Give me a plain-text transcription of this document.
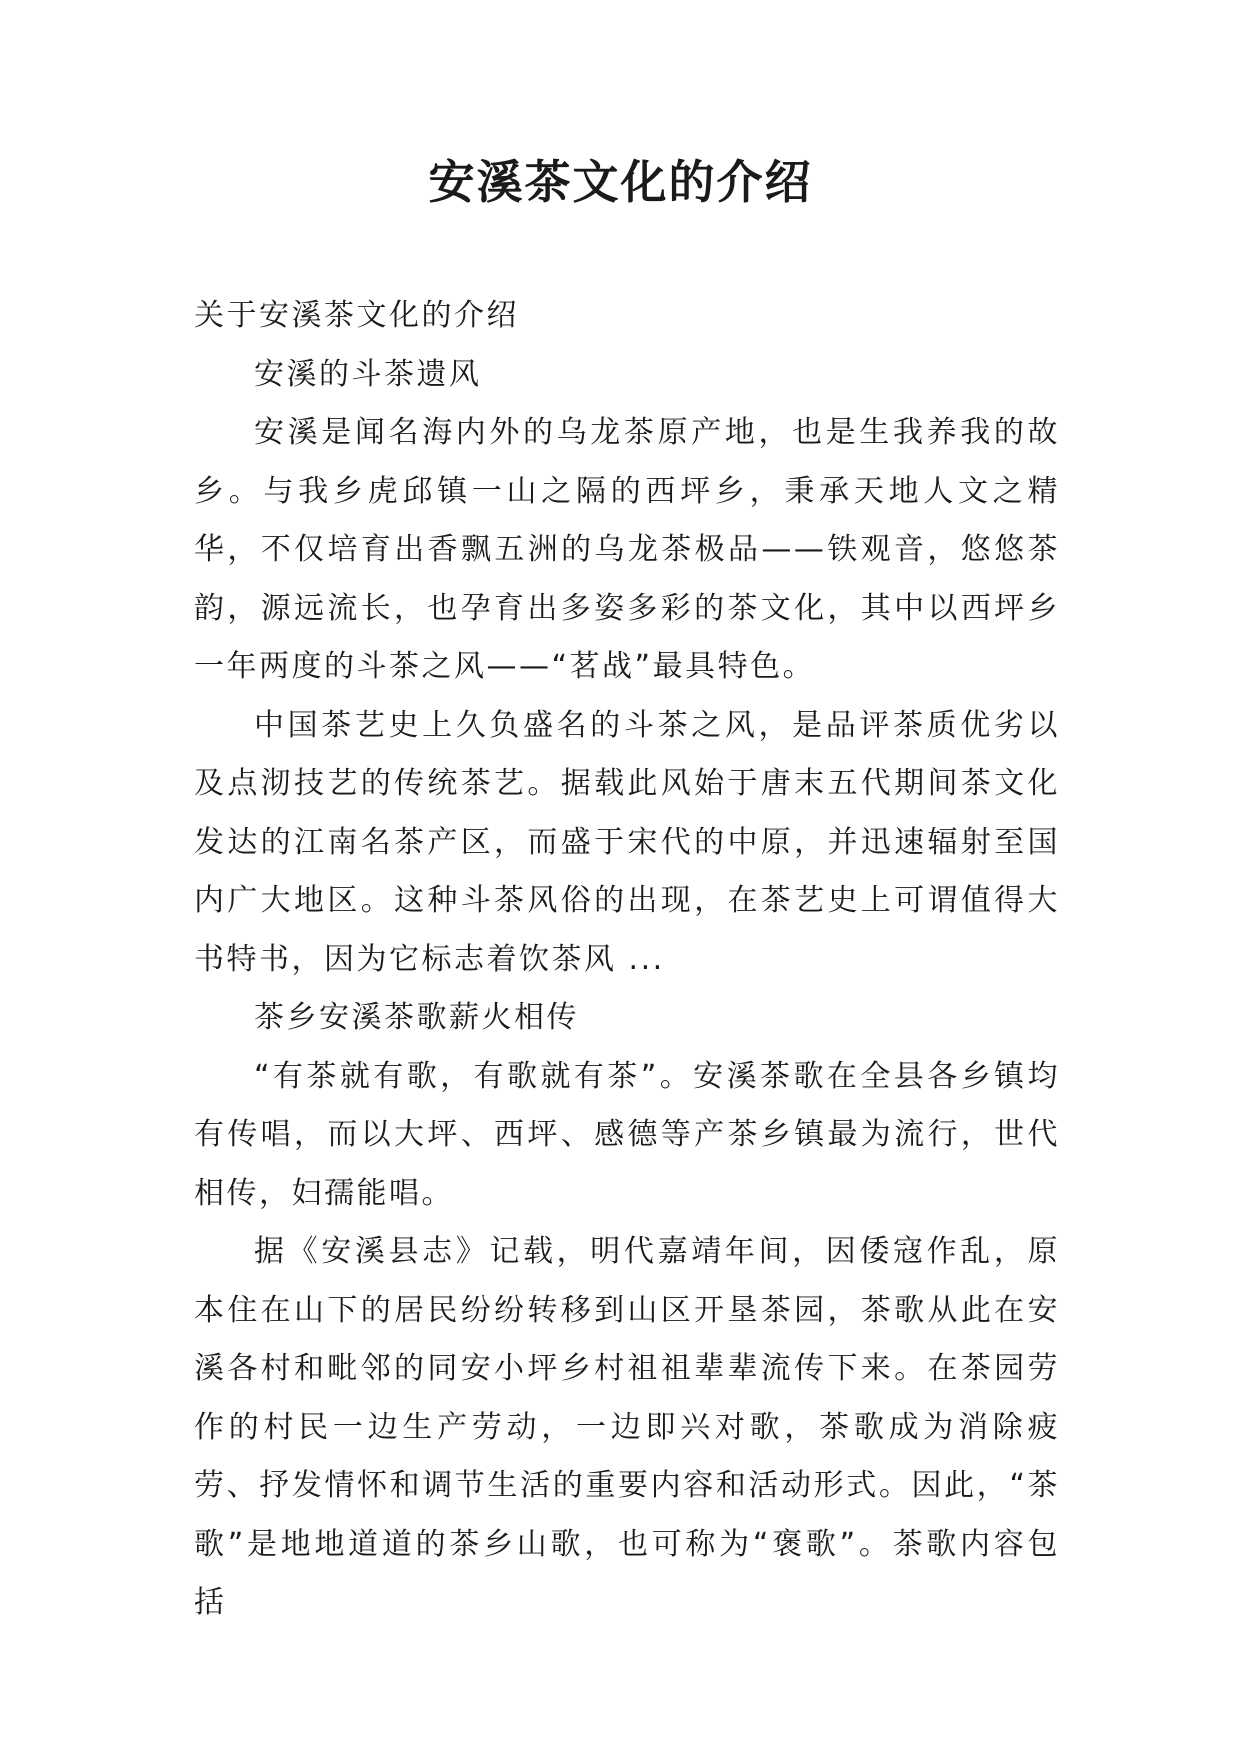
安溪茶文化的介绍

关于安溪茶文化的介绍

安溪的斗茶遗风

安溪是闻名海内外的乌龙茶原产地，也是生我养我的故乡。与我乡虎邱镇一山之隔的西坪乡，秉承天地人文之精华，不仅培育出香飘五洲的乌龙茶极品——铁观音，悠悠茶韵，源远流长，也孕育出多姿多彩的茶文化，其中以西坪乡一年两度的斗茶之风——“茗战”最具特色。

中国茶艺史上久负盛名的斗茶之风，是品评茶质优劣以及点沏技艺的传统茶艺。据载此风始于唐末五代期间茶文化发达的江南名茶产区，而盛于宋代的中原，并迅速辐射至国内广大地区。这种斗茶风俗的出现，在茶艺史上可谓值得大书特书，因为它标志着饮茶风 ...

茶乡安溪茶歌薪火相传

“有茶就有歌，有歌就有茶”。安溪茶歌在全县各乡镇均有传唱，而以大坪、西坪、感德等产茶乡镇最为流行，世代相传，妇孺能唱。

据《安溪县志》记载，明代嘉靖年间，因倭寇作乱，原本住在山下的居民纷纷转移到山区开垦茶园，茶歌从此在安溪各村和毗邻的同安小坪乡村祖祖辈辈流传下来。在茶园劳作的村民一边生产劳动，一边即兴对歌，茶歌成为消除疲劳、抒发情怀和调节生活的重要内容和活动形式。因此，“茶歌”是地地道道的茶乡山歌，也可称为“褒歌”。茶歌内容包括
